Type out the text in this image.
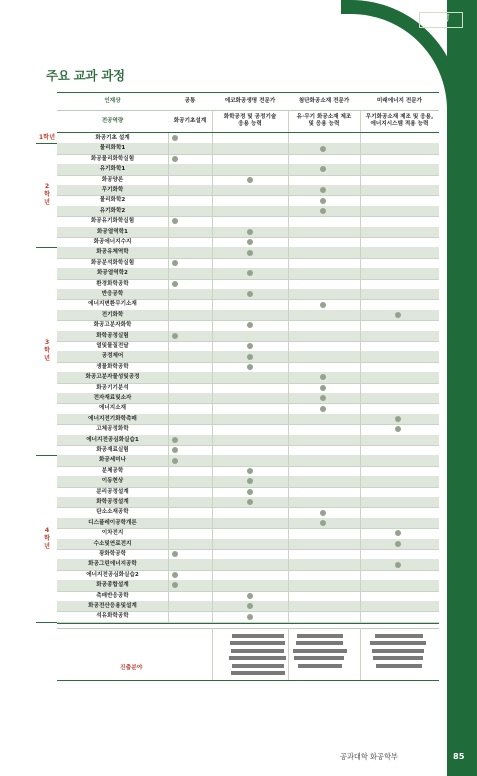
KU
주요 교과 과정
인재상
전공역량
공통
화공기초설계
에코화공생명 전문가
화학공정 및 공정기술
응용 능력
첨단화공소재 전문가
유·무기 화공소재 제조
및 응용 능력
미래에너지 전문가
무기화공소재 제조 및 응용,
에너지시스템 적용 능력
화공기초 설계
물리화학1
화공물리화학실험
유기화학1
화공양론
무기화학
물리화학2
유기화학2
화공유기화학실험
화공열역학1
화공에너지수지
화공유체역학
화공분석화학실험
화공열역학2
환경화학공학
반응공학
에너지변환무기소재
전기화학
화공고분자화학
화학공정실험
열및물질전달
공정제어
생물화학공학
화공고분자물성및공정
화공기기분석
전자재료및소자
에너지소재
에너지전기화학촉매
고체공정화학
에너지전공심화실습1
화공재료실험
화공세미나
분체공학
이동현상
분리공정설계
화학공정설계
탄소소재공학
디스플레이공학개론
이차전지
수소및연료전지
광화학공학
화공그린에너지공학
에너지전공심화실습2
화공종합설계
촉매반응공학
화공전산응용및설계
석유화학공학
1학년
2
학
년
3
학
년
4
학
년
진출분야
공과대학 화공학부	85
